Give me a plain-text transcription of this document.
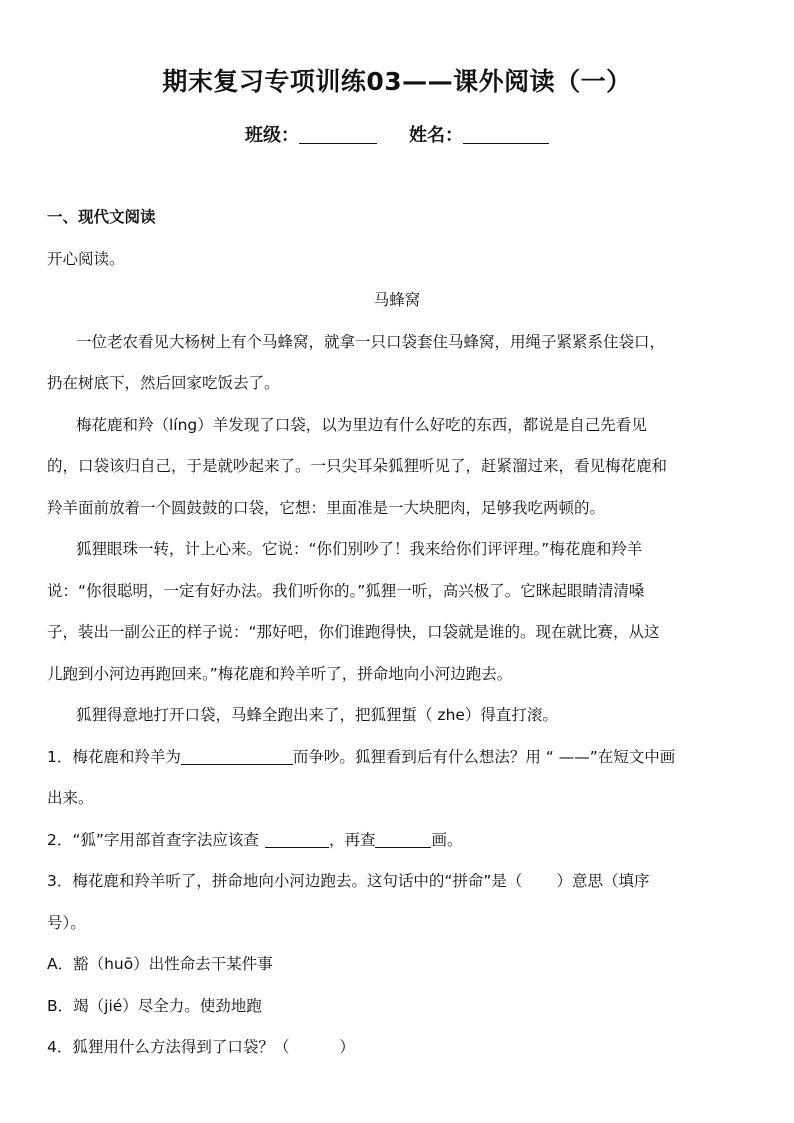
期末复习专项训练03——课外阅读（一）
班级：	姓名：
一、现代文阅读
开心阅读。
马蜂窝
一位老农看见大杨树上有个马蜂窝，就拿一只口袋套住马蜂窝，用绳子紧紧系住袋口，
扔在树底下，然后回家吃饭去了。
梅花鹿和羚（líng）羊发现了口袋，以为里边有什么好吃的东西，都说是自己先看见
的，口袋该归自己，于是就吵起来了。一只尖耳朵狐狸听见了，赶紧溜过来，看见梅花鹿和
羚羊面前放着一个圆鼓鼓的口袋，它想：里面准是一大块肥肉，足够我吃两顿的。
狐狸眼珠一转，计上心来。它说：“你们别吵了！我来给你们评评理。”梅花鹿和羚羊
说：“你很聪明，一定有好办法。我们听你的。”狐狸一听，高兴极了。它眯起眼睛清清嗓
子，装出一副公正的样子说：“那好吧，你们谁跑得快，口袋就是谁的。现在就比赛，从这
儿跑到小河边再跑回来。”梅花鹿和羚羊听了，拼命地向小河边跑去。
狐狸得意地打开口袋，马蜂全跑出来了，把狐狸蜇（ zhe）得直打滚。
1．梅花鹿和羚羊为	而争吵。狐狸看到后有什么想法？用 “ ——”在短文中画
出来。
2．“狐”字用部首查字法应该查	，再查	画。
3．梅花鹿和羚羊听了，拼命地向小河边跑去。这句话中的“拼命”是（ ）意思（填序
号）。
A．豁（huō）出性命去干某件事
B．竭（jié）尽全力。使劲地跑
4．狐狸用什么方法得到了口袋？（	）
